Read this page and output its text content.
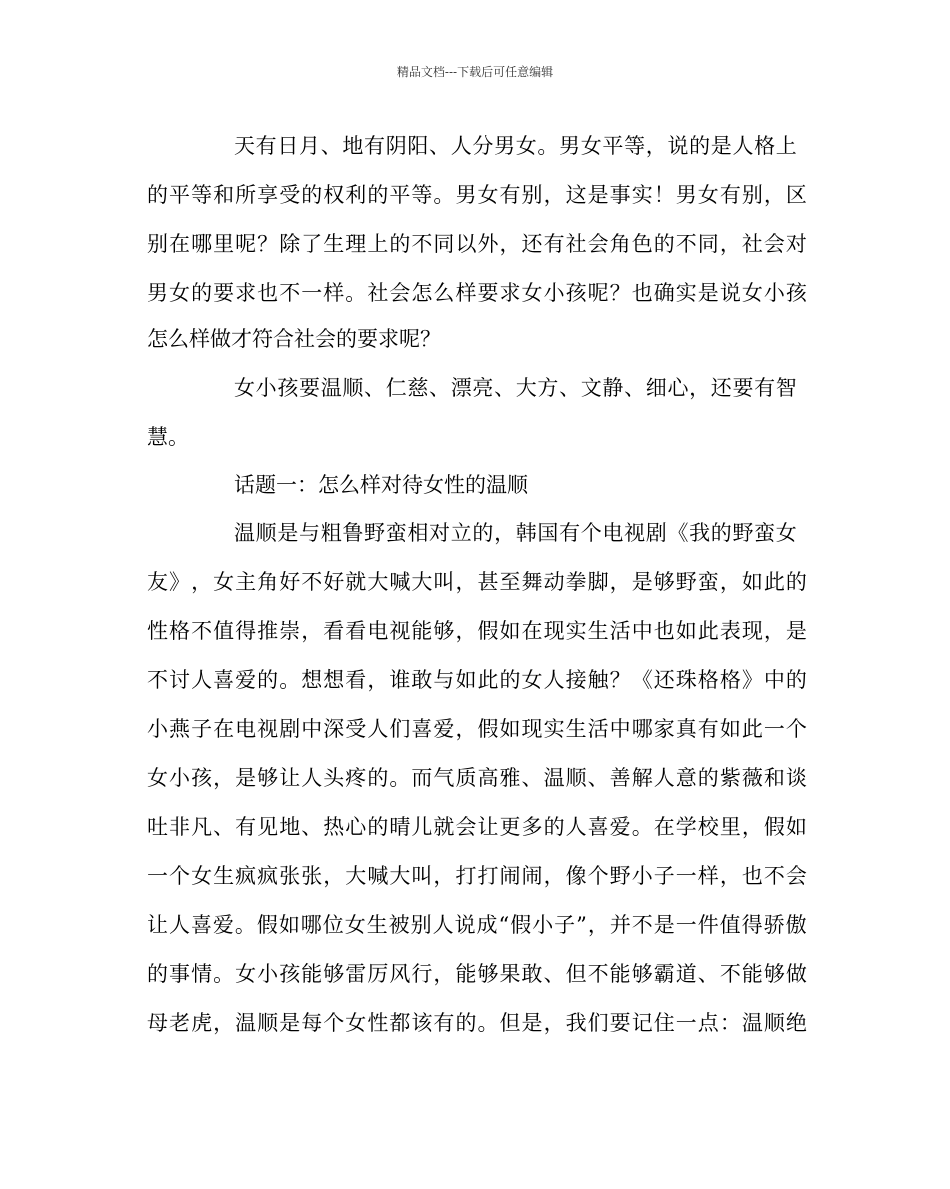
精品文档---下载后可任意编辑
天 有 日 月 、 地 有 阴 阳 、 人 分 男 女 。 男 女 平 等 ， 说 的 是 人 格 上
的 平 等 和 所 享 受 的 权 利 的 平 等 。 男 女 有 别 ， 这 是 事 实 ！ 男 女 有 别 ， 区
别 在 哪 里 呢 ？ 除 了 生 理 上 的 不 同 以 外 ， 还 有 社 会 角 色 的 不 同 ， 社 会 对
男 女 的 要 求 也 不 一 样 。 社 会 怎 么 样 要 求 女 小 孩 呢 ？ 也 确 实 是 说 女 小 孩
怎么样做才符合社会的要求呢？
女 小 孩 要 温 顺 、 仁 慈 、 漂 亮 、 大 方 、 文 静 、 细 心 ， 还 要 有 智
慧。
话题一：怎么样对待女性的温顺
温 顺 是 与 粗 鲁 野 蛮 相 对 立 的 ， 韩 国 有 个 电 视 剧 《 我 的 野 蛮 女
友 》 ， 女 主 角 好 不 好 就 大 喊 大 叫 ， 甚 至 舞 动 拳 脚 ， 是 够 野 蛮 ， 如 此 的
性 格 不 值 得 推 崇 ， 看 看 电 视 能 够 ， 假 如 在 现 实 生 活 中 也 如 此 表 现 ， 是
不 讨 人 喜 爱 的 。 想 想 看 ， 谁 敢 与 如 此 的 女 人 接 触 ？ 《 还 珠 格 格 》 中 的
小 燕 子 在 电 视 剧 中 深 受 人 们 喜 爱 ， 假 如 现 实 生 活 中 哪 家 真 有 如 此 一 个
女 小 孩 ， 是 够 让 人 头 疼 的 。 而 气 质 高 雅 、 温 顺 、 善 解 人 意 的 紫 薇 和 谈
吐 非 凡 、 有 见 地 、 热 心 的 晴 儿 就 会 让 更 多 的 人 喜 爱 。 在 学 校 里 ， 假 如
一 个 女 生 疯 疯 张 张 ， 大 喊 大 叫 ， 打 打 闹 闹 ， 像 个 野 小 子 一 样 ， 也 不 会
让 人 喜 爱 。 假 如 哪 位 女 生 被 别 人 说 成 “ 假 小 子 ” ， 并 不 是 一 件 值 得 骄 傲
的 事 情 。 女 小 孩 能 够 雷 厉 风 行 ， 能 够 果 敢 、 但 不 能 够 霸 道 、 不 能 够 做
母 老 虎 ， 温 顺 是 每 个 女 性 都 该 有 的 。 但 是 ， 我 们 要 记 住 一 点 ： 温 顺 绝
